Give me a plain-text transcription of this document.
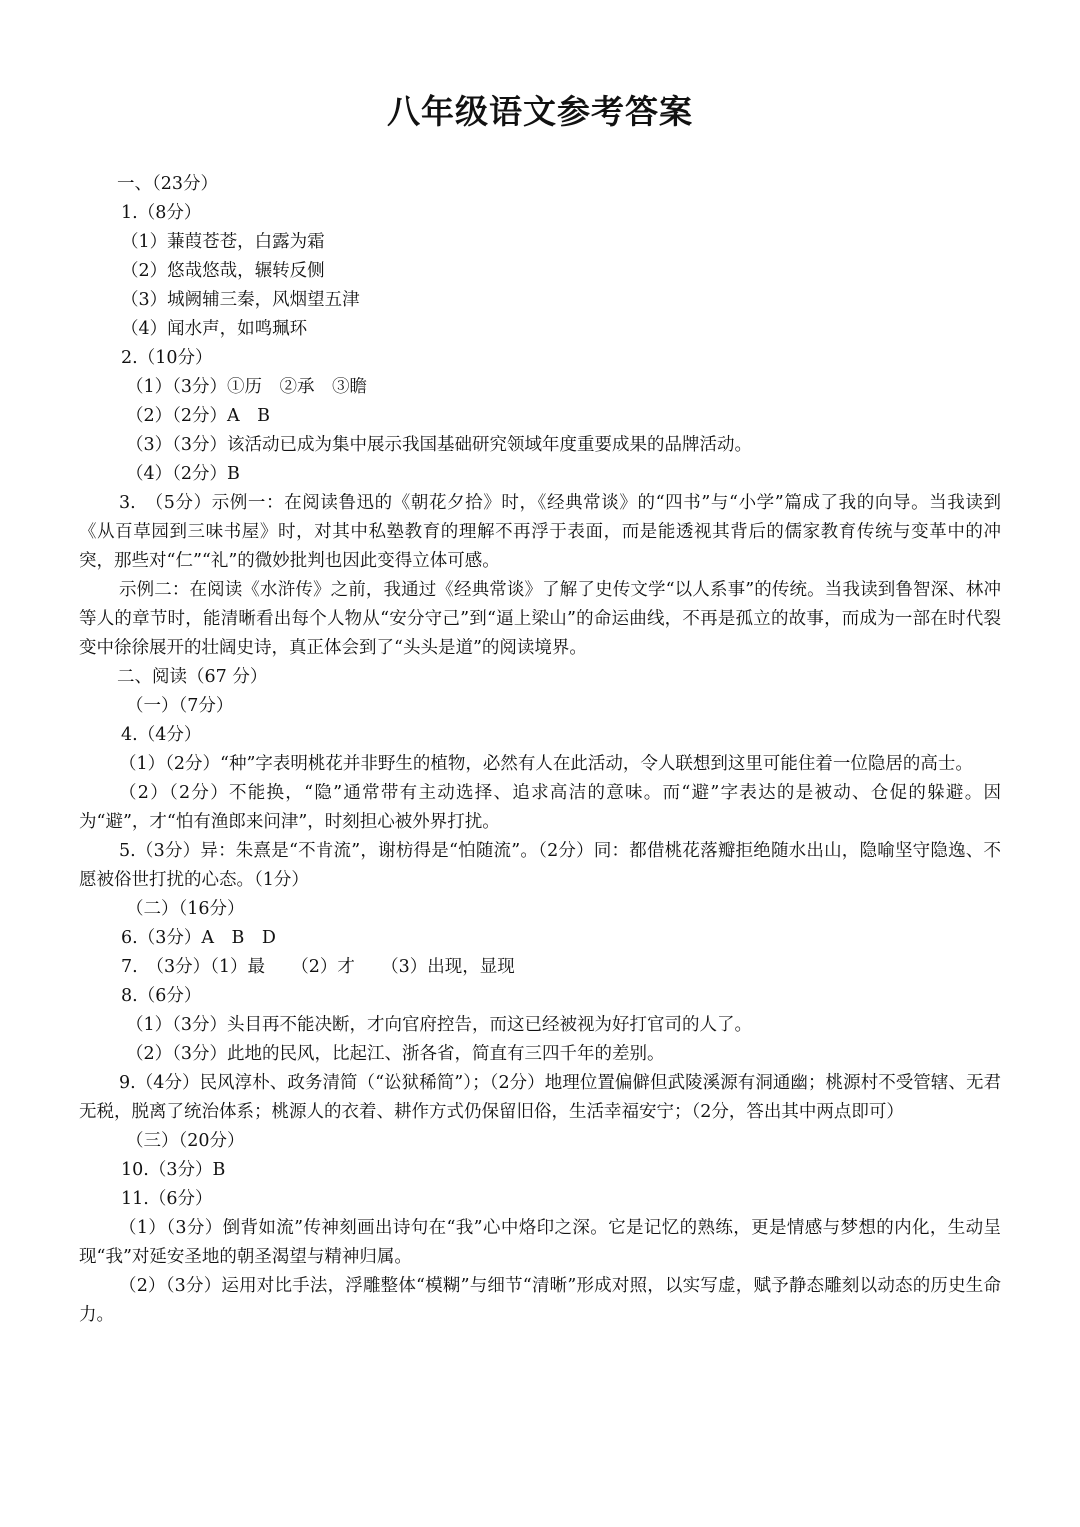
八年级语文参考答案
一、（23分）
1.（8分）
（1）蒹葭苍苍，白露为霜
（2）悠哉悠哉，辗转反侧
（3）城阙辅三秦，风烟望五津
（4）闻水声，如鸣珮环
2.（10分）
（1）（3分）①历　②承　③瞻
（2）（2分）A　B
（3）（3分）该活动已成为集中展示我国基础研究领域年度重要成果的品牌活动。
（4）（2分）B

3.　（5分）示例一：在阅读鲁迅的《朝花夕拾》时，《经典常谈》的“四书”与“小学”篇成了我的向导。当我读到《从百草园到三味书屋》时，对其中私塾教育的理解不再浮于表面，而是能透视其背后的儒家教育传统与变革中的冲突，那些对“仁”“礼”的微妙批判也因此变得立体可感。

示例二：在阅读《水浒传》之前，我通过《经典常谈》了解了史传文学“以人系事”的传统。当我读到鲁智深、林冲等人的章节时，能清晰看出每个人物从“安分守己”到“逼上梁山”的命运曲线，不再是孤立的故事，而成为一部在时代裂变中徐徐展开的壮阔史诗，真正体会到了“头头是道”的阅读境界。

二、阅读（67 分）
（一）（7分）
4.（4分）

（1）（2分）“种”字表明桃花并非野生的植物，必然有人在此活动，令人联想到这里可能住着一位隐居的高士。

（2）（2分）不能换，“隐”通常带有主动选择、追求高洁的意味。而“避”字表达的是被动、仓促的躲避。因为“避”，才“怕有渔郎来问津”，时刻担心被外界打扰。

5.（3分）异：朱熹是“不肯流”，谢枋得是“怕随流”。（2分）同：都借桃花落瓣拒绝随水出山，隐喻坚守隐逸、不愿被俗世打扰的心态。（1分）

（二）（16分）
6.（3分）A　B　D
7.　（3分）（1）最　　（2）才　　（3）出现，显现
8.（6分）
（1）（3分）头目再不能决断，才向官府控告，而这已经被视为好打官司的人了。
（2）（3分）此地的民风，比起江、浙各省，简直有三四千年的差别。

9.（4分）民风淳朴、政务清简（“讼狱稀简”）；（2分）地理位置偏僻但武陵溪源有洞通幽；桃源村不受管辖、无君无税，脱离了统治体系；桃源人的衣着、耕作方式仍保留旧俗，生活幸福安宁；（2分，答出其中两点即可）

（三）（20分）
10.（3分）B
11.（6分）

（1）（3分）倒背如流”传神刻画出诗句在“我”心中烙印之深。它是记忆的熟练，更是情感与梦想的内化，生动呈现“我”对延安圣地的朝圣渴望与精神归属。

（2）（3分）运用对比手法，浮雕整体“模糊”与细节“清晰”形成对照，以实写虚，赋予静态雕刻以动态的历史生命力。
